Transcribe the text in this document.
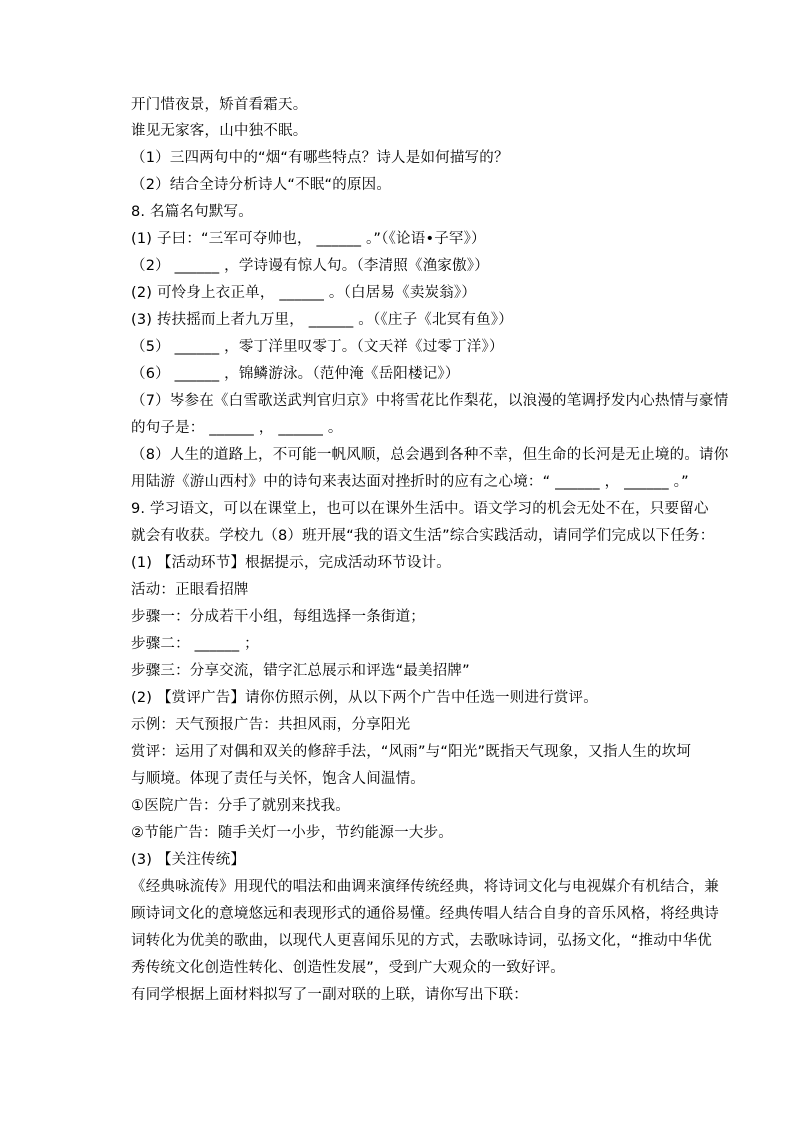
开门惜夜景，矫首看霜天。
谁见无家客，山中独不眠。
（1）三四两句中的“烟“有哪些特点？诗人是如何描写的？
（2）结合全诗分析诗人“不眠“的原因。
8. 名篇名句默写。
(1) 子曰：“三军可夺帅也， ______ 。”（《论语•子罕》）
（2） ______ ，学诗谩有惊人句。（李清照《渔家傲》）
(2) 可怜身上衣正单， ______ 。（白居易《卖炭翁》）
(3) 抟扶摇而上者九万里， ______ 。（《庄子《北冥有鱼》）
（5） ______ ，零丁洋里叹零丁。（文天祥《过零丁洋》）
（6） ______ ，锦鳞游泳。（范仲淹《岳阳楼记》）
（7）岑参在《白雪歌送武判官归京》中将雪花比作梨花，以浪漫的笔调抒发内心热情与豪情
的句子是： ______ ， ______ 。
（8）人生的道路上，不可能一帆风顺，总会遇到各种不幸，但生命的长河是无止境的。请你
用陆游《游山西村》中的诗句来表达面对挫折时的应有之心境：“ ______ ， ______ 。”
9. 学习语文，可以在课堂上，也可以在课外生活中。语文学习的机会无处不在，只要留心
就会有收获。学校九（8）班开展“我的语文生活”综合实践活动，请同学们完成以下任务：
(1) 【活动环节】根据提示，完成活动环节设计。
活动：正眼看招牌
步骤一：分成若干小组，每组选择一条街道；
步骤二： ______ ；
步骤三：分享交流，错字汇总展示和评选“最美招牌”
(2) 【赏评广告】请你仿照示例，从以下两个广告中任选一则进行赏评。
示例：天气预报广告：共担风雨，分享阳光
赏评：运用了对偶和双关的修辞手法，“风雨”与“阳光”既指天气现象，又指人生的坎坷
与顺境。体现了责任与关怀，饱含人间温情。
①医院广告：分手了就别来找我。
②节能广告：随手关灯一小步，节约能源一大步。
(3) 【关注传统】
《经典咏流传》用现代的唱法和曲调来演绎传统经典，将诗词文化与电视媒介有机结合，兼
顾诗词文化的意境悠远和表现形式的通俗易懂。经典传唱人结合自身的音乐风格，将经典诗
词转化为优美的歌曲，以现代人更喜闻乐见的方式，去歌咏诗词，弘扬文化，“推动中华优
秀传统文化创造性转化、创造性发展”，受到广大观众的一致好评。
有同学根据上面材料拟写了一副对联的上联，请你写出下联：
